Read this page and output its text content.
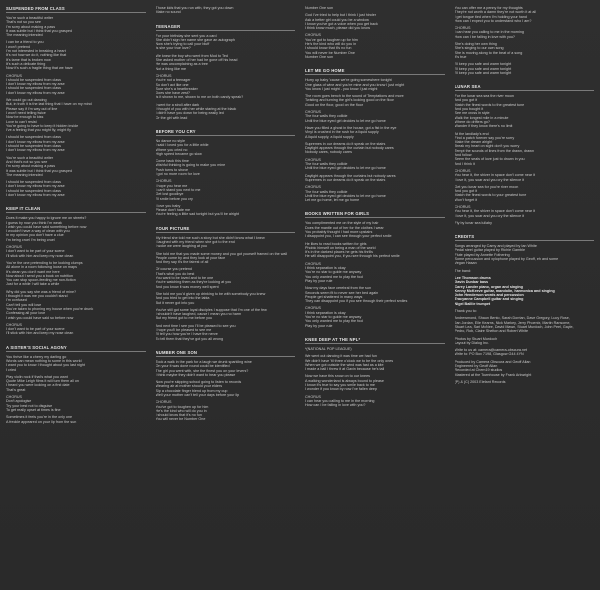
SUSPENDED FROM CLASS
You're such a beautiful writer
That's not so you see
I'm sorry about making a pass
It was subtle but I think that you grasped
The meaning intended
I can be a friend to you
I won't pretend
I'm not interested in breaking a heart
It's not how we do it, nothing like that
It's tame that is broken now
It's such a delicate thing
Now it's such a fragile thing that we have
CHORUS
I should be suspended from class
I don't know my elbow from my arse
I should be suspended from class
I don't know my elbow from my arse
We could go out dancing
But, in truth it is the last thing that I have on my mind
Please say if I'm way out of line
I won't need telling twice
Now be enough to kiss
Love to can't resist
You're going to have to keep it hidden inside
I've a feeling that you might fly, might fly
I should be suspended from class
I don't know my elbow from my arse
I should be suspended from class
I don't know my elbow from my arse
You're such a beautiful writer
And that's not so you see
I'm sorry about making a pass
It was subtle but I think that you grasped
The meaning intended
I should be suspended from class
I don't know my elbow from my arse
I should be suspended from class
I don't know my elbow from my arse
KEEP IT CLEAN
Does it make you happy to ignore me on streets?
I guess by now you think I'm weak
I wish you could have said something before now
I wouldn't have a way of clean with you
In my opinion you don't have a clue
I'm being cruel I'm being cruel
CHORUS
I don't want to be part of your scene
I'll stick with him and keep my nose clean
You're the one pretending to be looking clumps
All alone in a room following loose on maps
It's clean you don't want me here
Now about I send you a book on nutrition
You can stop spoon-feeding me non-fiction
Just for a while I will take a while
Why did you say she was a friend of mine?
I thought it was me you couldn't stand
I'm confused
Can't tell you will lose
You've taken to phoning my house when you're drunk
Confessing all your love
I wish you could have said so before now
CHORUS
I don't want to be part of your scene
I'll stick with him and keep my nose clean
A SISTER'S SOCIAL AGONY
You thrive like a cherry my darling go
Words can mean nothing to some in this world
I want you to know I thought about you last night
I cried
Play violin rock if that's what you want
Quote Mike Leigh films it will turn them all on
I heard you were looking on a first date
That's great
CHORUS
Don't apologise
Try your best not to disguise
To get really upset at times is fine
Sometimes it feels you're in the only one
A freckle appeared on your lip from the sun
Those kids that you run with, they got you down
Make no sound
TEENAGER
For your birthday she sent you a card
She didn't sign her name she gave an autograph
Now she's trying to call your bluff
Is she your true love?
We knew the boy who went from Mod to Ted
She asked mother of her had he gone off his head
He was uncomplaining as a tree
Not a thing like me
CHORUS
You're not a teenager
So don't act like one
Sure she's a heartbreaker
Does she have zest?
Is it shown to me, shown to me on both candy speak?
I went for a stroll after dark
I thought of you with her while staring at the black
I didn't have you down for being easily led
Or the girl with lead
BEFORE YOU CRY
No dance no style
I said I loved you for a little while
Where you cried no
High speed became go slow
Come back this time
Wishful thinking is going to make you mine
Push turns to shove
I got no more room for love
CHORUS
I hope you hear me
I can't stand you next to me
Get lost goodbye
I'll smile before you cry
I love you baby
Please don't hate me
You're feeling a little sad tonight but you'll be alright
YOUR PICTURE
My friend she told me such a story but she didn't know what I knew
I laughed with my friend when she got to the end
I woke we were laughing at you
She told me that you made some money and you got yourself framed on the wall
People come by and they look at your face
And they say it's the fairest of all
Of course you pretend
That's what you do best
You want to be loved and to be one
You're watching them as they're looking at you
And you know it was money well spent
She told me you'd given up drinking to be with somebody you knew
And you tried to get into the labia
But it never got into you
You've still got some loyal disciples I suppose that I'm one of the few
I shouldn't have laughed, cause I mean you no harm
But my friend got to me before you
And next time I see you I'll be pleased to see you
I hope you'll be pleased to see me
I'll tell you how you're I have the nerve
To tell them that they've got you all wrong
NUMBER ONE SON
Took a walk in the park for a laugh we drunk sparkling wine
On your it was done round could be identified
The girl you went with, she the finest you on your levers?
I think maybe they didn't want to hear you please
Now you're skipping school going to listen to records
Wearing air at mother should your elders
Sip a chocolate finger blend up from my cup
Well your mother can't tell your days before your lip
CHORUS
You've got to toughen up for him
He's the kind who will do you in
I should know that it's no fun
You will never be Number One
Number One son
God I've tried to help but I think I just hinder
Ask a better girl could you be a window
I know you've got a voice when you get back
I think know much, please did you know
CHORUS
You've got to toughen up for him
He's the kind who will do you in
I should know that it's no fun
You will never be Number One
Number One son
LET ME GO HOME
Hurry up baby 'cause we're going somewhere tonight
One glass of wine and you're mine and you know I just might
You know I just might - you know I just might
The room goes bench to the sound of Temptations and more
Twisting and turning the girl's looking good on the floor
Good on the floor, good on the floor
CHORUS
The four walls they collide
Until the blue eyed girl decides to let me go home
Have you filled a ghost in the house, got a fist in the eye
Vinyl is crushed in the rush for a liquid supply
A liquid supply, a liquid supply
Supremes in our dreams do it speak on the stairs
Daylight appears through the curtain but nobody cares
Nobody cares, nobody cares
CHORUS
The four walls they collide
Until the blue eyed girl decides to let me go home
Daylight appears through the curtains but nobody cares
Supremes in our dreams do it speak on the stairs
CHORUS
The four walls they collide
Until the blue eyed girl decides to let me go home
Let me go home, let me go home
BOOKS WRITTEN FOR GIRLS
You complimented me on the style of my hair
Does the mantle out of her for the clothes I wear
You probably thought I had more upstairs
I disappoint you, I can see through your perfect smile
He likes to read books written for girls
Phobic himself on being a man of the world
It's in the darkest places he gets his thrills
He will disappoint you, if you see through his perfect smile
CHORUS
I think separation is okay
You're no star to guide me anyway
You only wanted me to play the fool
Play by your rule
Now my days face cerebral from the sun
Seconds seem fit to never see her bed again
People get shattered in many ways
They can disappoint you if you see through their perfect smiles
CHORUS
I think separation is okay
You're no star to guide me anyway
You only wanted me to play the fool
Play by your rule
KNEE DEEP AT THE NPL*
*(NATIONAL POP LEAGUE)
We went out dancing it was time we had fun
We didn't have 'til three o'clock we to be the only ones
When we got outside the wind was fast as a kite
I made a ball I threw it at Gavin because he's tall
Now we have this snow on to our knees
A walking wonderland is always bound to please
I know it's true to say you smile back to me
I wonder if you know by now I've fallen deep
CHORUS
I can hear you calling to me in the morning
How can I be falling in love with you?
You can offer me a penny for my thoughts
They're not worth a damn they're not worth it at all
I get tongue tied when I'm holding your hand
How can I expect you to understand who I am?
CHORUS
I can hear you calling to me in the morning
How can I be falling in love with you?
She's doing her own thing
She's singing to our own song
She is moving along to the beat of a song
It's true
I'll keep you safe and warm tonight
I'll keep you safe and warm tonight
I'll keep you safe and warm tonight
LUNAR SEA
For the lunar sea sea the river moon
And you got it
Match the finest words to the greatest tune
And you bought it
See me cross in style
Walk the longest mile in a minute
Where do drifters go?
Wander if they know there's no limit
At the landlady's end
Find a patch forever say you're sorry
Make the dream alright
Break my heart on sight don't you worry
Tempt the sounds of lines from the drawn, drawn
And follow
Seem the seals of love just to drown in you
And I think it
CHORUS
You hear it, the shiver in space don't come near it
I love it, you soar and you cry the silence it
Get you lunar sea for you're river moon
And you got it
Match the finest words to your greatest tune
Won't forget it
CHORUS
You hear it, the shiver in space don't come near it
I love it, you soar and you cry the silence it
Fly by lunar sea lullaby
CREDITS
Songs arranged by Camy and played by Ian White
Pedal steel guitar played by Richie Gamble
Flute played by Annette Fothering
Some percussion and xylophone played by Geoff, eh and some
Vegan Hasan
The band:
Lee Thomson drums
Gavin Dunbar bass
Carey Lander piano, organ and singing
Kenny McKeeve guitar, mandolin, harmonica and singing
John Henderson words and percussion
Tracyanne Campbell guitar and singing
Nigel Baillie trumpet
Thank you to:
Andrewmond, Shaun Bento, Sarah Dorrian, Dave Gregory, Lucy Rose,
Jan Jordan, Elle Kearns, Nick Markey, Jerry Phoenix, Martin Ransome,
Stuart Lea, Sari McNee, David Mawn, Stuart Murdoch, John Peel, Gayle,
Pedro, Rob, Claire Shelton and Robert White
Photos by Stuart Murdoch
Layout by Dialog Inc.
Write to us at: camera@camera-obscura.net
Write to: PO Box 7198, Glasgow G44 4YN
Produced by Camera Obscura and Geoff Allan
Engineered by Geoff Allan
Recorded at Chem19 studios
Mastered at the Townhouse by Frank Arkwright
(P) & (C) 2003 Elefant Records
